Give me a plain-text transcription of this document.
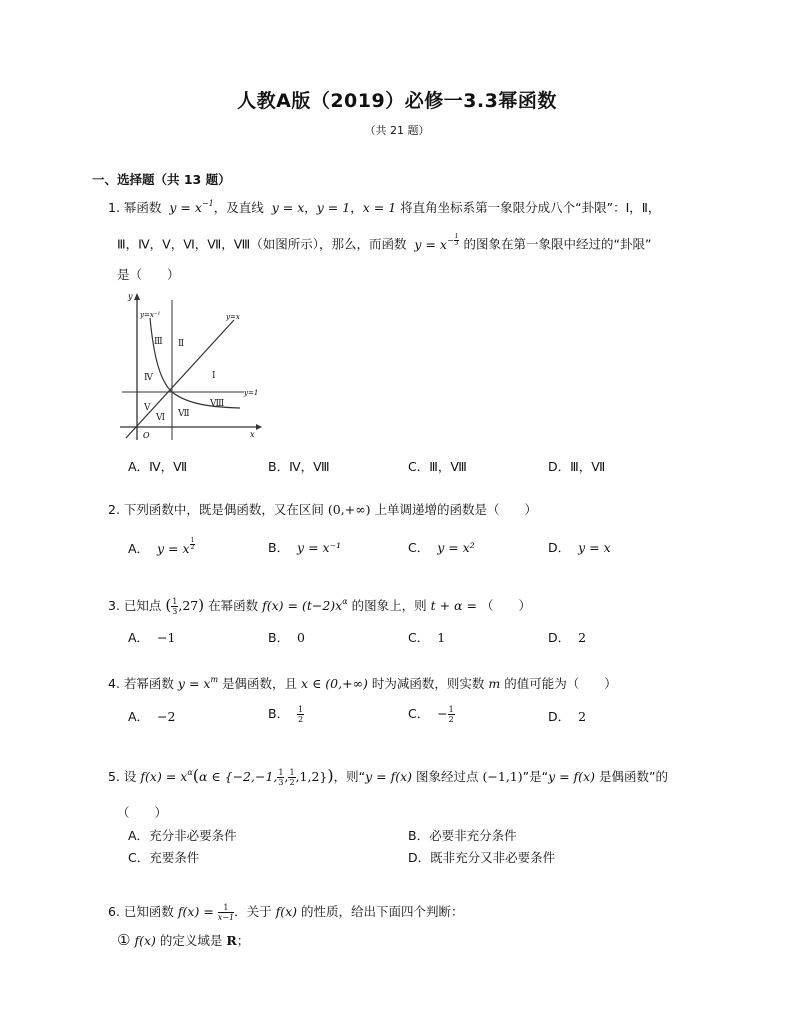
人教A版（2019）必修一3.3幂函数
（共 21 题）
一、选择题（共 13 题）
1. 幂函数  $y = x^{-1}$，及直线  y = x，y = 1，x = 1 将直角坐标系第一象限分成八个“卦限”：Ⅰ，Ⅱ，
Ⅲ，Ⅳ，Ⅴ，Ⅵ，Ⅶ，Ⅷ（如图所示），那么，而函数  $y = x^{- \frac{1}{3}}$ 的图象在第一象限中经过的“卦限”
是（　　）
y
x
O
y=x⁻¹	y=x
y=1
Ⅲ Ⅱ
Ⅰ
Ⅳ
Ⅷ
Ⅴ
Ⅵ Ⅶ
A．Ⅳ，Ⅶ	B．Ⅳ，Ⅷ	C．Ⅲ，Ⅷ	D．Ⅲ，Ⅶ
2. 下列函数中，既是偶函数，又在区间 (0,+∞) 上单调递增的函数是（　　）
A． y = x $^{\frac{1}{2}}$	B． y = x⁻¹	C． y = x²	D． y = x
3. 已知点 ( $\frac{1}{3} ,27$) 在幂函数 $f(x) = (t-2)x^\alpha$ 的图象上，则 t + α = （　　）
A． −1	B． 0	C． 1	D． 2
4. 若幂函数 $y = x^m$ 是偶函数，且 x ∈ (0,+∞) 时为减函数，则实数 m 的值可能为（　　）
A． −2	B． $\frac{1}{2}$	C． − $\frac{1}{2}$	D． 2
5. 设 $f(x) = x^\alpha(\alpha$ ∈ {−2,−1, $\frac{1}{3}$ , $\frac{1}{2} ,1,2$})，则“y = f(x) 图象经过点 (−1,1)”是“y = f(x) 是偶函数”的
（　　）
A．充分非必要条件	B．必要非充分条件
C．充要条件	D．既非充分又非必要条件
6. 已知函数 $f(x) = \frac{1}{x-1}$ ．关于 f(x) 的性质，给出下面四个判断：
① f(x) 的定义域是 R；
